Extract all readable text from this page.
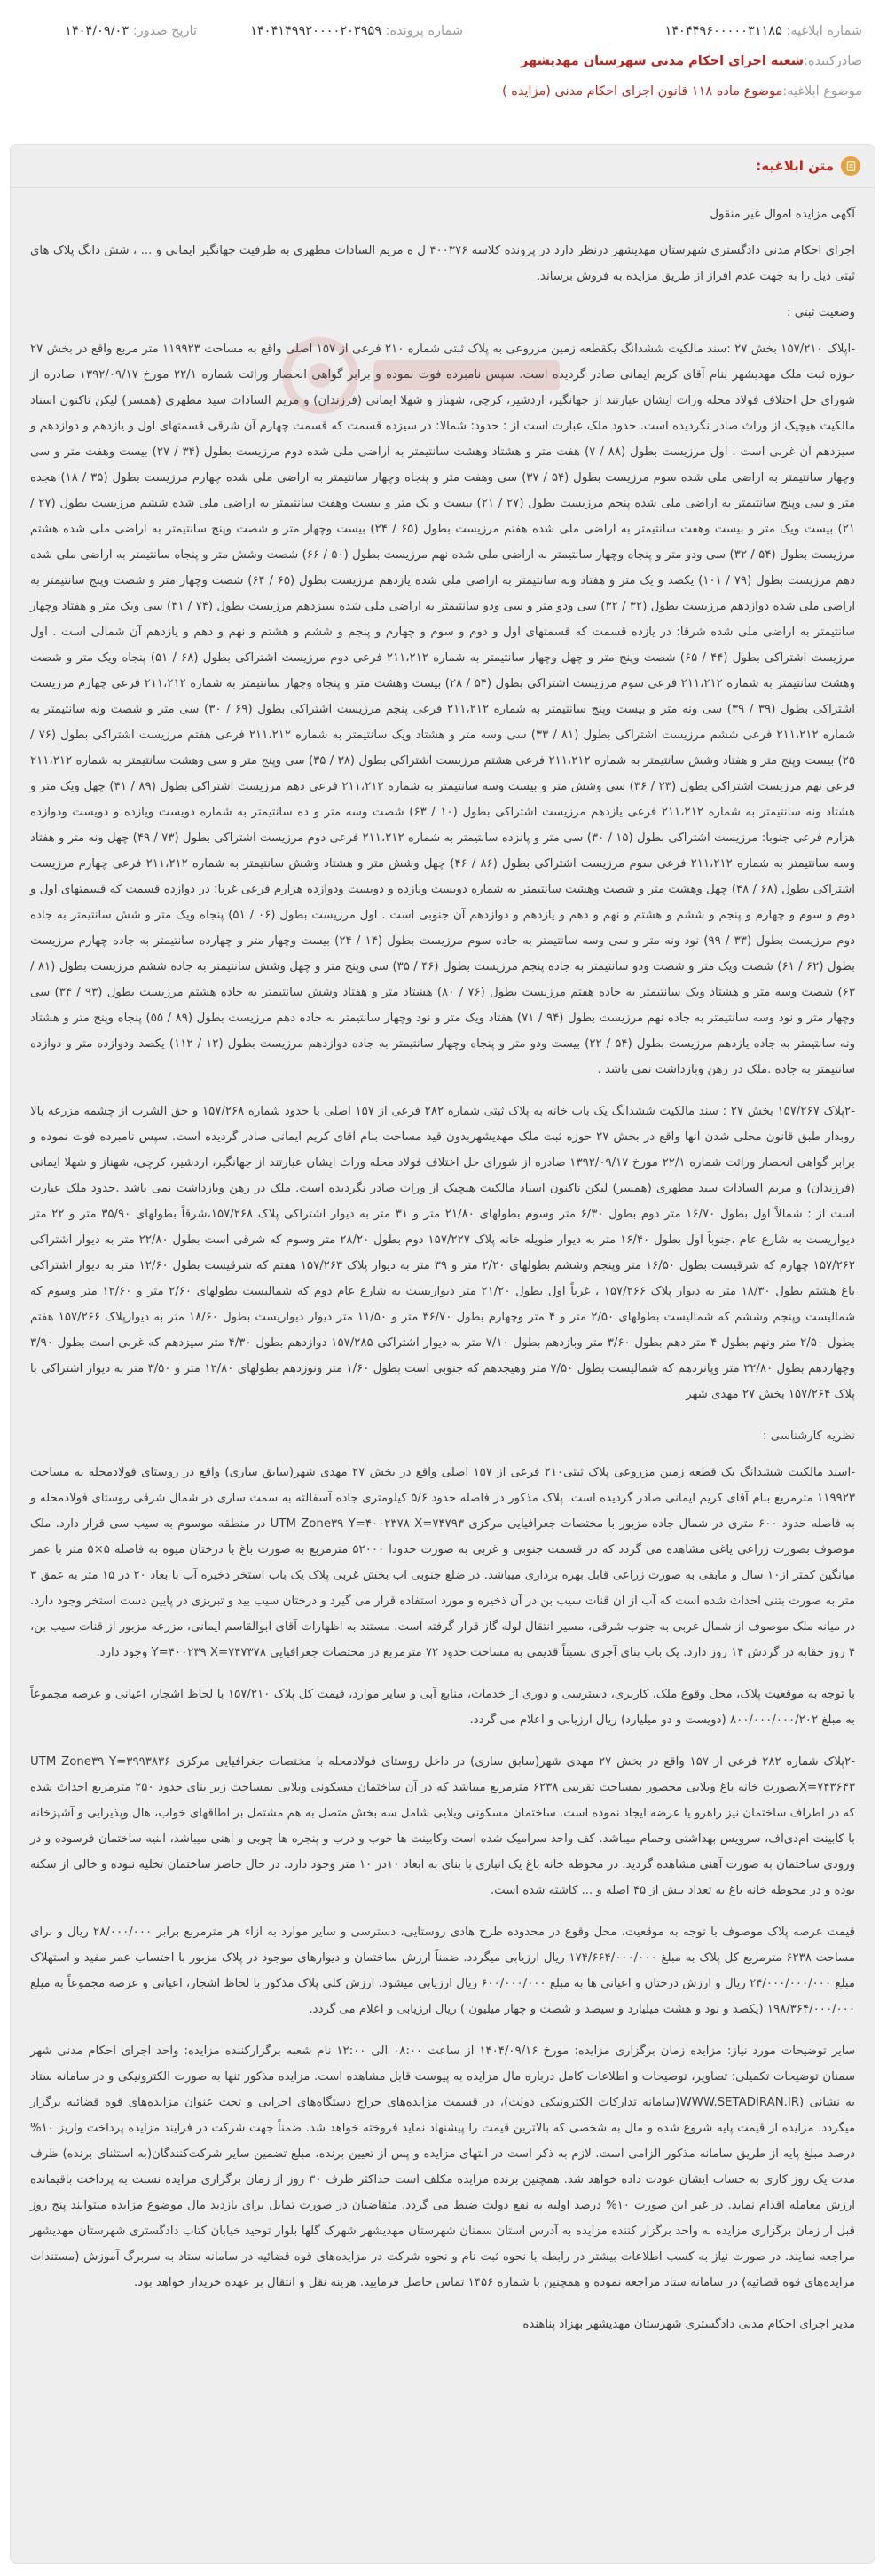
شماره ابلاغیه: ۱۴۰۴۴۹۶۰۰۰۰۰۳۱۱۸۵
شماره پرونده: ۱۴۰۴۱۴۹۹۲۰۰۰۰۲۰۳۹۵۹
تاریخ صدور: ۱۴۰۴/۰۹/۰۳
صادرکننده:
شعبه اجرای احکام مدنی شهرستان مهدیشهر
موضوع ابلاغیه:
موضوع ماده ۱۱۸ قانون اجرای احکام مدنی (مزایده )
متن ابلاغیه:

آگهی مزایده اموال غیر منقول

اجرای احکام مدنی دادگستری شهرستان مهدیشهر درنظر دارد در پرونده کلاسه ۴۰۰۳۷۶ ل ه مریم السادات مطهری به طرفیت جهانگیر ایمانی و ... ، شش دانگ پلاک های ثبتی ذیل را به جهت عدم افراز از طریق مزایده به فروش برساند.

وضعیت ثبتی :

-اپلاک ۱۵۷/۲۱۰ بخش ۲۷ :سند مالکیت ششدانگ یکقطعه زمین مزروعی به پلاک ثبتی شماره ۲۱۰ فرعی از ۱۵۷ اصلی واقع به مساحت ۱۱۹۹۲۳ متر مربع واقع در بخش ۲۷ حوزه ثبت ملک مهدیشهر بنام آقای کریم ایمانی صادر گردیده است. سپس نامبرده فوت نموده و برابر گواهی انحصار وراثت شماره ۲۲/۱ مورخ ۱۳۹۲/۰۹/۱۷ صادره از شورای حل اختلاف فولاد محله وراث ایشان عبارتند از جهانگیر، اردشیر، کرچی، شهناز و شهلا ایمانی (فرزندان) و مریم السادات سید مطهری (همسر) لیکن تاکنون اسناد مالکیت هیچیک از وراث صادر نگردیده است. حدود ملک عبارت است از : حدود: شمالا: در سیزده قسمت که قسمت چهارم آن شرقی قسمتهای اول و یازدهم و دوازدهم و سیزدهم آن غربی است . اول مرزیست بطول (۸۸ / ۷) هفت متر و هشتاد وهشت سانتیمتر به اراضی ملی شده دوم مرزیست بطول (۳۴ / ۲۷) بیست وهفت متر و سی وچهار سانتیمتر به اراضی ملی شده سوم مرزیست بطول (۵۴ / ۳۷) سی وهفت متر و پنجاه وچهار سانتیمتر به اراضی ملی شده چهارم مرزیست بطول (۳۵ / ۱۸) هجده متر و سی وپنج سانتیمتر به اراضی ملی شده پنجم مرزیست بطول (۲۷ / ۲۱) بیست و یک متر و بیست وهفت سانتیمتر به اراضی ملی شده ششم مرزیست بطول (۲۷ / ۲۱) بیست ویک متر و بیست وهفت سانتیمتر به اراضی ملی شده هفتم مرزیست بطول (۶۵ / ۲۴) بیست وچهار متر و شصت وپنج سانتیمتر به اراضی ملی شده هشتم مرزیست بطول (۵۴ / ۳۲) سی ودو متر و پنجاه وچهار سانتیمتر به اراضی ملی شده نهم مرزیست بطول (۵۰ / ۶۶) شصت وشش متر و پنجاه سانتیمتر به اراضی ملی شده دهم مرزیست بطول (۷۹ / ۱۰۱) یکصد و یک متر و هفتاد ونه سانتیمتر به اراضی ملی شده یازدهم مرزیست بطول (۶۵ / ۶۴) شصت وچهار متر و شصت وپنج سانتیمتر به اراضی ملی شده دوازدهم مرزیست بطول (۳۲ / ۳۲) سی ودو متر و سی ودو سانتیمتر به اراضی ملی شده سیزدهم مرزیست بطول (۷۴ / ۳۱) سی ویک متر و هفتاد وچهار سانتیمتر به اراضی ملی شده شرقا: در یازده قسمت که قسمتهای اول و دوم و سوم و چهارم و پنجم و ششم و هشتم و نهم و دهم و یازدهم آن شمالی است . اول مرزیست اشتراکی بطول (۴۴ / ۶۵) شصت وپنج متر و چهل وچهار سانتیمتر به شماره ۲۱۱،۲۱۲ فرعی دوم مرزیست اشتراکی بطول (۶۸ / ۵۱) پنجاه ویک متر و شصت وهشت سانتیمتر به شماره ۲۱۱،۲۱۲ فرعی سوم مرزیست اشتراکی بطول (۵۴ / ۲۸) بیست وهشت متر و پنجاه وچهار سانتیمتر به شماره ۲۱۱،۲۱۲ فرعی چهارم مرزیست اشتراکی بطول (۳۹ / ۳۹) سی ونه متر و بیست وپنج سانتیمتر به شماره ۲۱۱،۲۱۲ فرعی پنجم مرزیست اشتراکی بطول (۶۹ / ۳۰) سی متر و شصت ونه سانتیمتر به شماره ۲۱۱،۲۱۲ فرعی ششم مرزیست اشتراکی بطول (۸۱ / ۳۳) سی وسه متر و هشتاد ویک سانتیمتر به شماره ۲۱۱،۲۱۲ فرعی هفتم مرزیست اشتراکی بطول (۷۶ / ۲۵) بیست وپنج متر و هفتاد وشش سانتیمتر به شماره ۲۱۱،۲۱۲ فرعی هشتم مرزیست اشتراکی بطول (۳۸ / ۳۵) سی وپنج متر و سی وهشت سانتیمتر به شماره ۲۱۱،۲۱۲ فرعی نهم مرزیست اشتراکی بطول (۲۳ / ۳۶) سی وشش متر و بیست وسه سانتیمتر به شماره ۲۱۱،۲۱۲ فرعی دهم مرزیست اشتراکی بطول (۸۹ / ۴۱) چهل ویک متر و هشتاد ونه سانتیمتر به شماره ۲۱۱،۲۱۲ فرعی یازدهم مرزیست اشتراکی بطول (۱۰ / ۶۳) شصت وسه متر و ده سانتیمتر به شماره دویست ویازده و دویست ودوازده هزارم فرعی جنوبا: مرزیست اشتراکی بطول (۱۵ / ۳۰) سی متر و پانزده سانتیمتر به شماره ۲۱۱،۲۱۲ فرعی دوم مرزیست اشتراکی بطول (۷۳ / ۴۹) چهل ونه متر و هفتاد وسه سانتیمتر به شماره ۲۱۱،۲۱۲ فرعی سوم مرزیست اشتراکی بطول (۸۶ / ۴۶) چهل وشش متر و هشتاد وشش سانتیمتر به شماره ۲۱۱،۲۱۲ فرعی چهارم مرزیست اشتراکی بطول (۶۸ / ۴۸) چهل وهشت متر و شصت وهشت سانتیمتر به شماره دویست ویازده و دویست ودوازده هزارم فرعی غربا: در دوازده قسمت که قسمتهای اول و دوم و سوم و چهارم و پنجم و ششم و هشتم و نهم و دهم و یازدهم و دوازدهم آن جنوبی است . اول مرزیست بطول (۰۶ / ۵۱) پنجاه ویک متر و شش سانتیمتر به جاده دوم مرزیست بطول (۳۳ / ۹۹) نود ونه متر و سی وسه سانتیمتر به جاده سوم مرزیست بطول (۱۴ / ۲۴) بیست وچهار متر و چهارده سانتیمتر به جاده چهارم مرزیست بطول (۶۲ / ۶۱) شصت ویک متر و شصت ودو سانتیمتر به جاده پنجم مرزیست بطول (۴۶ / ۳۵) سی وپنج متر و چهل وشش سانتیمتر به جاده ششم مرزیست بطول (۸۱ / ۶۳) شصت وسه متر و هشتاد ویک سانتیمتر به جاده هفتم مرزیست بطول (۷۶ / ۸۰) هشتاد متر و هفتاد وشش سانتیمتر به جاده هشتم مرزیست بطول (۹۳ / ۳۴) سی وچهار متر و نود وسه سانتیمتر به جاده نهم مرزیست بطول (۹۴ / ۷۱) هفتاد ویک متر و نود وچهار سانتیمتر به جاده دهم مرزیست بطول (۸۹ / ۵۵) پنجاه وپنج متر و هشتاد ونه سانتیمتر به جاده یازدهم مرزیست بطول (۵۴ / ۲۲) بیست ودو متر و پنجاه وچهار سانتیمتر به جاده دوازدهم مرزیست بطول (۱۲ / ۱۱۲) یکصد ودوازده متر و دوازده سانتیمتر به جاده .ملک در رهن وبازداشت نمی باشد .

-۲پلاک ۱۵۷/۲۶۷ بخش ۲۷ : سند مالکیت ششدانگ یک باب خانه به پلاک ثبتی شماره ۲۸۲ فرعی از ۱۵۷ اصلی با حدود شماره ۱۵۷/۲۶۸ و حق الشرب از چشمه مزرعه بالا روبدار طبق قانون محلی شدن آنها واقع در بخش ۲۷ حوزه ثبت ملک مهدیشهربدون قید مساحت بنام آقای کریم ایمانی صادر گردیده است. سپس نامبرده فوت نموده و برابر گواهی انحصار وراثت شماره ۲۲/۱ مورخ ۱۳۹۲/۰۹/۱۷ صادره از شورای حل اختلاف فولاد محله وراث ایشان عبارتند از جهانگیر، اردشیر، کرچی، شهناز و شهلا ایمانی (فرزندان) و مریم السادات سید مطهری (همسر) لیکن تاکنون اسناد مالکیت هیچیک از وراث صادر نگردیده است. ملک در رهن وبازداشت نمی باشد .حدود ملک عبارت است از : شمالاً اول بطول ۱۶/۷۰ متر دوم بطول ۶/۳۰ متر وسوم بطولهای ۲۱/۸۰ متر و ۳۱ متر به دیوار اشتراکی پلاک ۱۵۷/۲۶۸،شرقاً بطولهای ۳۵/۹۰ متر و ۲۲ متر دیواریست به شارع عام ،جنوباً اول بطول ۱۶/۴۰ متر به دیوار طویله خانه پلاک ۱۵۷/۲۲۷ دوم بطول ۲۸/۲۰ متر وسوم که شرقی است بطول ۲۲/۸۰ متر به دیوار اشتراکی ۱۵۷/۲۶۲ چهارم که شرقیست بطول ۱۶/۵۰ متر وپنجم وششم بطولهای ۲/۲۰ متر و ۳۹ متر به دیوار پلاک ۱۵۷/۲۶۳ هفتم که شرقیست بطول ۱۲/۶۰ متر به دیوار اشتراکی باغ هشتم بطول ۱۸/۳۰ متر به دیوار پلاک ۱۵۷/۲۶۶ ، غرباً اول بطول ۲۱/۲۰ متر دیواریست به شارع عام دوم که شمالیست بطولهای ۲/۶۰ متر و ۱۲/۶۰ متر وسوم که شمالیست وپنجم وششم که شمالیست بطولهای ۲/۵۰ متر و ۴ متر وچهارم بطول ۳۶/۷۰ متر و ۱۱/۵۰ متر دیوار دیواریست بطول ۱۸/۶۰ متر به دیوارپلاک ۱۵۷/۲۶۶ هفتم بطول ۲/۵۰ متر ونهم بطول ۴ متر دهم بطول ۳/۶۰ متر وبازدهم بطول ۷/۱۰ متر به دیوار اشتراکی ۱۵۷/۲۸۵ دوازدهم بطول ۴/۳۰ متر سیزدهم که غربی است بطول ۳/۹۰ وچهاردهم بطول ۲۲/۸۰ متر وپانزدهم که شمالیست بطول ۷/۵۰ متر وهیجدهم که جنوبی است بطول ۱/۶۰ متر ونوزدهم بطولهای ۱۲/۸۰ متر و ۳/۵۰ متر به دیوار اشتراکی با پلاک ۱۵۷/۲۶۴ بخش ۲۷ مهدی شهر

نظریه کارشناسی :

-اسند مالکیت ششدانگ یک قطعه زمین مزروعی پلاک ثبتی۲۱۰ فرعی از ۱۵۷ اصلی واقع در بخش ۲۷ مهدی شهر(سابق ساری) واقع در روستای فولادمحله به مساحت ۱۱۹۹۲۳ مترمربع بنام آقای کریم ایمانی صادر گردیده است. پلاک مذکور در فاصله حدود ۵/۶ کیلومتری جاده آسفالته به سمت ساری در شمال شرقی روستای فولادمحله و به فاصله حدود ۶۰۰ متری در شمال جاده مزبور با مختصات جغرافیایی مرکزی UTM Zone۳۹ Y=۴۰۰۲۳۷۸ X=۷۴۷۹۳ در منطقه موسوم به سیب سی قرار دارد. ملک موصوف بصورت زراعی یاغی مشاهده می گردد که در قسمت جنوبی و غربی به صورت حدودا ۵۲۰۰۰ مترمربع به صورت باغ با درختان میوه به فاصله ۵×۵ متر با عمر میانگین کمتر از۱۰ سال و مابقی به صورت زراعی قابل بهره برداری میباشد. در ضلع جنوبی اب بخش غربی پلاک یک باب استخر ذخیره آب با بعاد ۲۰ در ۱۵ متر به عمق ۳ متر به صورت بتنی احداث شده است که آب از ان قنات سیب بن در آن ذخیره و مورد استفاده قرار می گیرد و درختان سیب بید و تبریزی در پایین دست استخر وجود دارد. در میانه ملک موصوف از شمال غربی به جنوب شرقی، مسیر انتقال لوله گاز قرار گرفته است. مستند به اظهارات آقای ابوالقاسم ایمانی، مزرعه مزبور از قنات سیب بن، ۴ روز حقابه در گردش ۱۴ روز دارد. یک باب بنای آجری نسبتاً قدیمی به مساحت حدود ۷۲ مترمربع در مختصات جغرافیایی Y=۴۰۰۲۳۹ X=۷۴۷۳۷۸ وجود دارد.

با توجه به موقعیت پلاک، محل وقوع ملک، کاربری، دسترسی و دوری از خدمات، منابع آبی و سایر موارد، قیمت کل پلاک ۱۵۷/۲۱۰ با لحاظ اشجار، اعیانی و عرصه مجموعاً به مبلغ ۸۰۰/۰۰۰/۰۰۰/۲۰۲ (دویست و دو میلیارد) ریال ارزیابی و اعلام می گردد.

-۲پلاک شماره ۲۸۲ فرعی از ۱۵۷ واقع در بخش ۲۷ مهدی شهر(سابق ساری) در داخل روستای فولادمحله با مختصات جغرافیایی مرکزی UTM Zone۳۹ Y=۳۹۹۳۸۳۶ X=۷۴۳۶۴۳بصورت خانه باغ ویلایی محصور بمساحت تقریبی ۶۲۳۸ مترمربع میباشد که در آن ساختمان مسکونی ویلایی بمساحت زیر بنای حدود ۲۵۰ مترمربع احداث شده که در اطراف ساختمان نیز راهرو یا عرضه ایجاد نموده است. ساختمان مسکونی ویلایی شامل سه بخش متصل به هم مشتمل بر اطاقهای خواب، هال وپذیرایی و آشپزخانه با کابینت ام‌دی‌اف، سرویس بهداشتی وحمام میباشد. کف واحد سرامیک شده است وکابینت ها خوب و درب و پنجره ها چوبی و آهنی میباشد، ابنیه ساختمان فرسوده و در ورودی ساختمان به صورت آهنی مشاهده گردید. در محوطه خانه باغ یک انباری با بنای به ابعاد ۱۰در ۱۰ متر وجود دارد. در حال حاضر ساختمان تخلیه نبوده و خالی از سکنه بوده و در محوطه خانه باغ به تعداد بیش از ۴۵ اصله و ... کاشته شده است.

قیمت عرصه پلاک موصوف با توجه به موقعیت، محل وقوع در محدوده طرح هادی روستایی، دسترسی و سایر موارد به ازاء هر مترمربع برابر ۲۸/۰۰۰/۰۰۰ ریال و برای مساحت ۶۲۳۸ مترمربع کل پلاک به مبلغ ۱۷۴/۶۶۴/۰۰۰/۰۰۰ ریال ارزیابی میگردد. ضمناً ارزش ساختمان و دیوارهای موجود در پلاک مزبور با احتساب عمر مفید و استهلاک مبلغ ۲۴/۰۰۰/۰۰۰/۰۰۰ ریال و ارزش درختان و اعیانی ها به مبلغ ۶۰۰/۰۰۰/۰۰۰ ریال ارزیابی میشود. ارزش کلی پلاک مذکور با لحاظ اشجار، اعیانی و عرصه مجموعاً به مبلغ ۱۹۸/۳۶۴/۰۰۰/۰۰۰ (یکصد و نود و هشت میلیارد و سیصد و شصت و چهار میلیون ) ریال ارزیابی و اعلام می گردد.

سایر توضیحات مورد نیاز: مزایده زمان برگزاری مزایده: مورخ ۱۴۰۴/۰۹/۱۶ از ساعت ۰۸:۰۰ الی ۱۲:۰۰ نام شعبه برگزارکننده مزایده: واحد اجرای احکام مدنی شهر سمنان توضیحات تکمیلی: تصاویر، توضیحات و اطلاعات کامل درباره مال مزایده به پیوست قابل مشاهده است. مزایده مذکور تنها به صورت الکترونیکی و در سامانه ستاد به نشانی (WWW.SETADIRAN.IR(سامانه تدارکات الکترونیکی دولت)، در قسمت مزایده‌های حراج دستگاه‌های اجرایی و تحت عنوان مزایده‌های قوه قضائیه برگزار میگردد. مزایده از قیمت پایه شروع شده و مال به شخصی که بالاترین قیمت را پیشنهاد نماید فروخته خواهد شد. ضمناً جهت شرکت در فرایند مزایده پرداخت واریز ۱۰% درصد مبلغ پایه از طریق سامانه مذکور الزامی است. لازم به ذکر است در انتهای مزایده و پس از تعیین برنده، مبلغ تضمین سایر شرکت‌کنندگان(به استثنای برنده) ظرف مدت یک روز کاری به حساب ایشان عودت داده خواهد شد. همچنین برنده مزایده مکلف است حداکثر ظرف ۳۰ روز از زمان برگزاری مزایده نسبت به پرداخت باقیمانده ارزش معامله اقدام نماید. در غیر این صورت ۱۰% درصد اولیه به نفع دولت ضبط می گردد. متقاضیان در صورت تمایل برای بازدید مال موضوع مزایده میتوانند پنج روز قبل از زمان برگزاری مزایده به واحد برگزار کننده مزایده به آدرس استان سمنان شهرستان مهدیشهر شهرک گلها بلوار توحید خیابان کتاب دادگستری شهرستان مهدیشهر مراجعه نمایند. در صورت نیاز به کسب اطلاعات بیشتر در رابطه با نحوه ثبت نام و نحوه شرکت در مزایده‌های قوه قضائیه در سامانه ستاد به سربرگ آموزش (مستندات مزایده‌های قوه قضائیه) در سامانه ستاد مراجعه نموده و همچنین با شماره ۱۴۵۶ تماس حاصل فرمایید. هزینه نقل و انتقال بر عهده خریدار خواهد بود.

مدیر اجرای احکام مدنی دادگستری شهرستان مهدیشهر بهزاد پناهنده
